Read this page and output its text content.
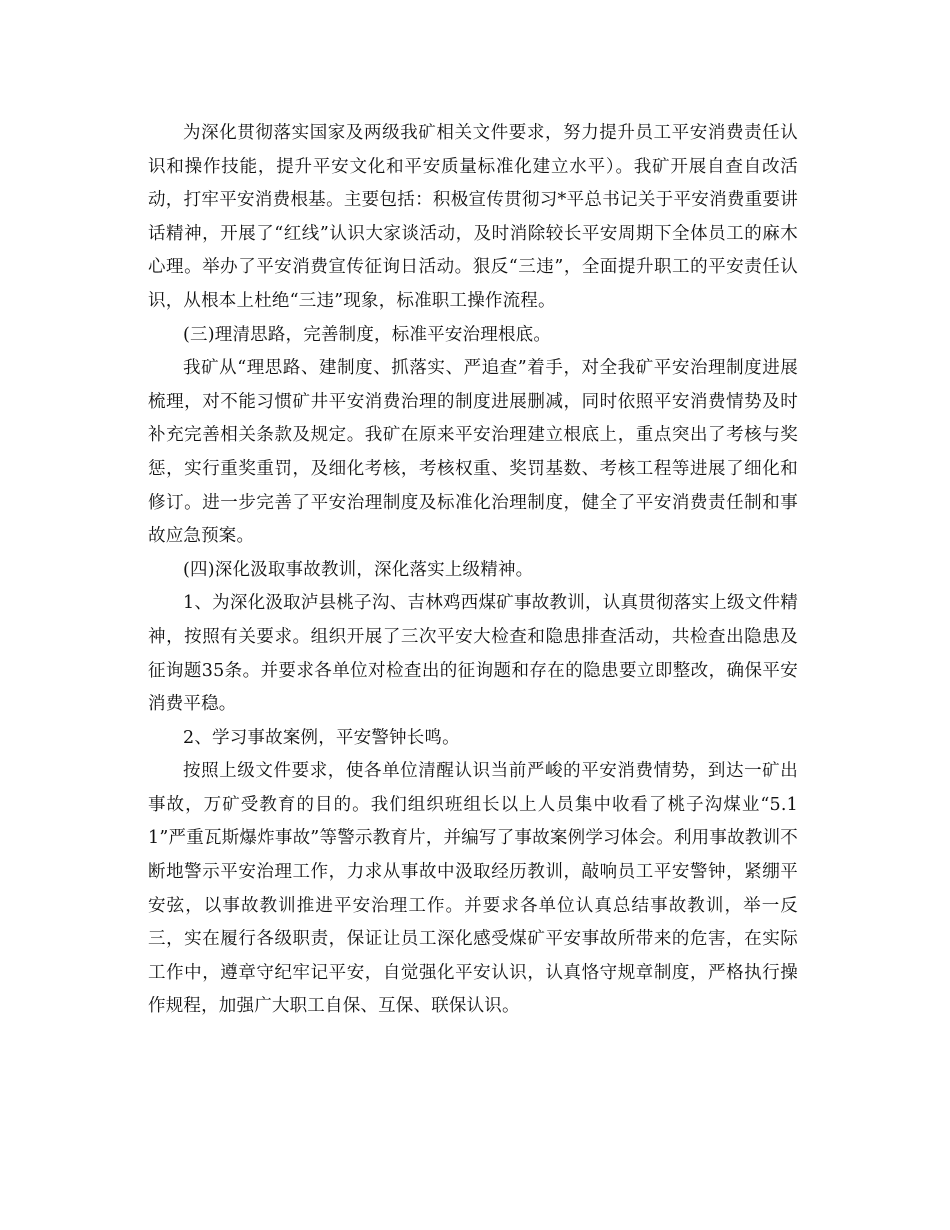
为深化贯彻落实国家及两级我矿相关文件要求，努力提升员工平安消费责任认识和操作技能，提升平安文化和平安质量标准化建立水平）。我矿开展自查自改活动，打牢平安消费根基。主要包括：积极宣传贯彻习*平总书记关于平安消费重要讲话精神，开展了“红线”认识大家谈活动，及时消除较长平安周期下全体员工的麻木心理。举办了平安消费宣传征询日活动。狠反“三违”，全面提升职工的平安责任认识，从根本上杜绝“三违”现象，标准职工操作流程。

(三)理清思路，完善制度，标准平安治理根底。

我矿从“理思路、建制度、抓落实、严追查”着手，对全我矿平安治理制度进展梳理，对不能习惯矿井平安消费治理的制度进展删减，同时依照平安消费情势及时补充完善相关条款及规定。我矿在原来平安治理建立根底上，重点突出了考核与奖惩，实行重奖重罚，及细化考核，考核权重、奖罚基数、考核工程等进展了细化和修订。进一步完善了平安治理制度及标准化治理制度，健全了平安消费责任制和事故应急预案。

(四)深化汲取事故教训，深化落实上级精神。

1、为深化汲取泸县桃子沟、吉林鸡西煤矿事故教训，认真贯彻落实上级文件精神，按照有关要求。组织开展了三次平安大检查和隐患排查活动，共检查出隐患及征询题35条。并要求各单位对检查出的征询题和存在的隐患要立即整改，确保平安消费平稳。

2、学习事故案例，平安警钟长鸣。

按照上级文件要求，使各单位清醒认识当前严峻的平安消费情势，到达一矿出事故，万矿受教育的目的。我们组织班组长以上人员集中收看了桃子沟煤业“5.11”严重瓦斯爆炸事故”等警示教育片，并编写了事故案例学习体会。利用事故教训不断地警示平安治理工作，力求从事故中汲取经历教训，敲响员工平安警钟，紧绷平安弦，以事故教训推进平安治理工作。并要求各单位认真总结事故教训，举一反三，实在履行各级职责，保证让员工深化感受煤矿平安事故所带来的危害，在实际工作中，遵章守纪牢记平安，自觉强化平安认识，认真恪守规章制度，严格执行操作规程，加强广大职工自保、互保、联保认识。
